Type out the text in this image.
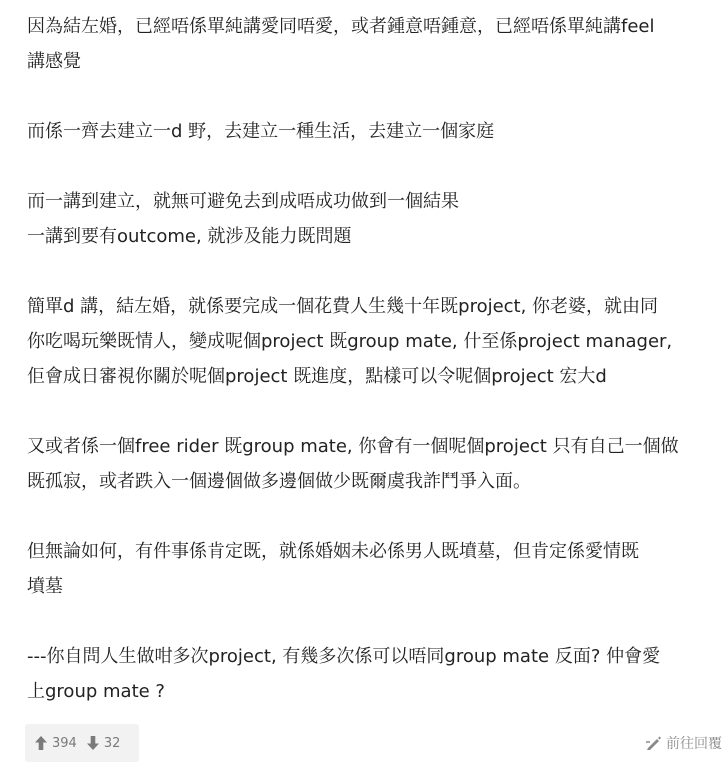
因為結左婚，已經唔係單純講愛同唔愛，或者鍾意唔鍾意，已經唔係單純講feel
講感覺

而係一齊去建立一d 野，去建立一種生活，去建立一個家庭

而一講到建立，就無可避免去到成唔成功做到一個結果
一講到要有outcome, 就涉及能力既問題

簡單d 講，結左婚，就係要完成一個花費人生幾十年既project, 你老婆，就由同
你吃喝玩樂既情人，變成呢個project 既group mate, 什至係project manager,
佢會成日審視你關於呢個project 既進度，點樣可以令呢個project 宏大d

又或者係一個free rider 既group mate, 你會有一個呢個project 只有自己一個做
既孤寂，或者跌入一個邊個做多邊個做少既爾虞我詐鬥爭入面。

但無論如何，有件事係肯定既，就係婚姻未必係男人既墳墓，但肯定係愛情既
墳墓

---你自問人生做咁多次project, 有幾多次係可以唔同group mate 反面? 仲會愛
上group mate ?

394 32	前往回覆
